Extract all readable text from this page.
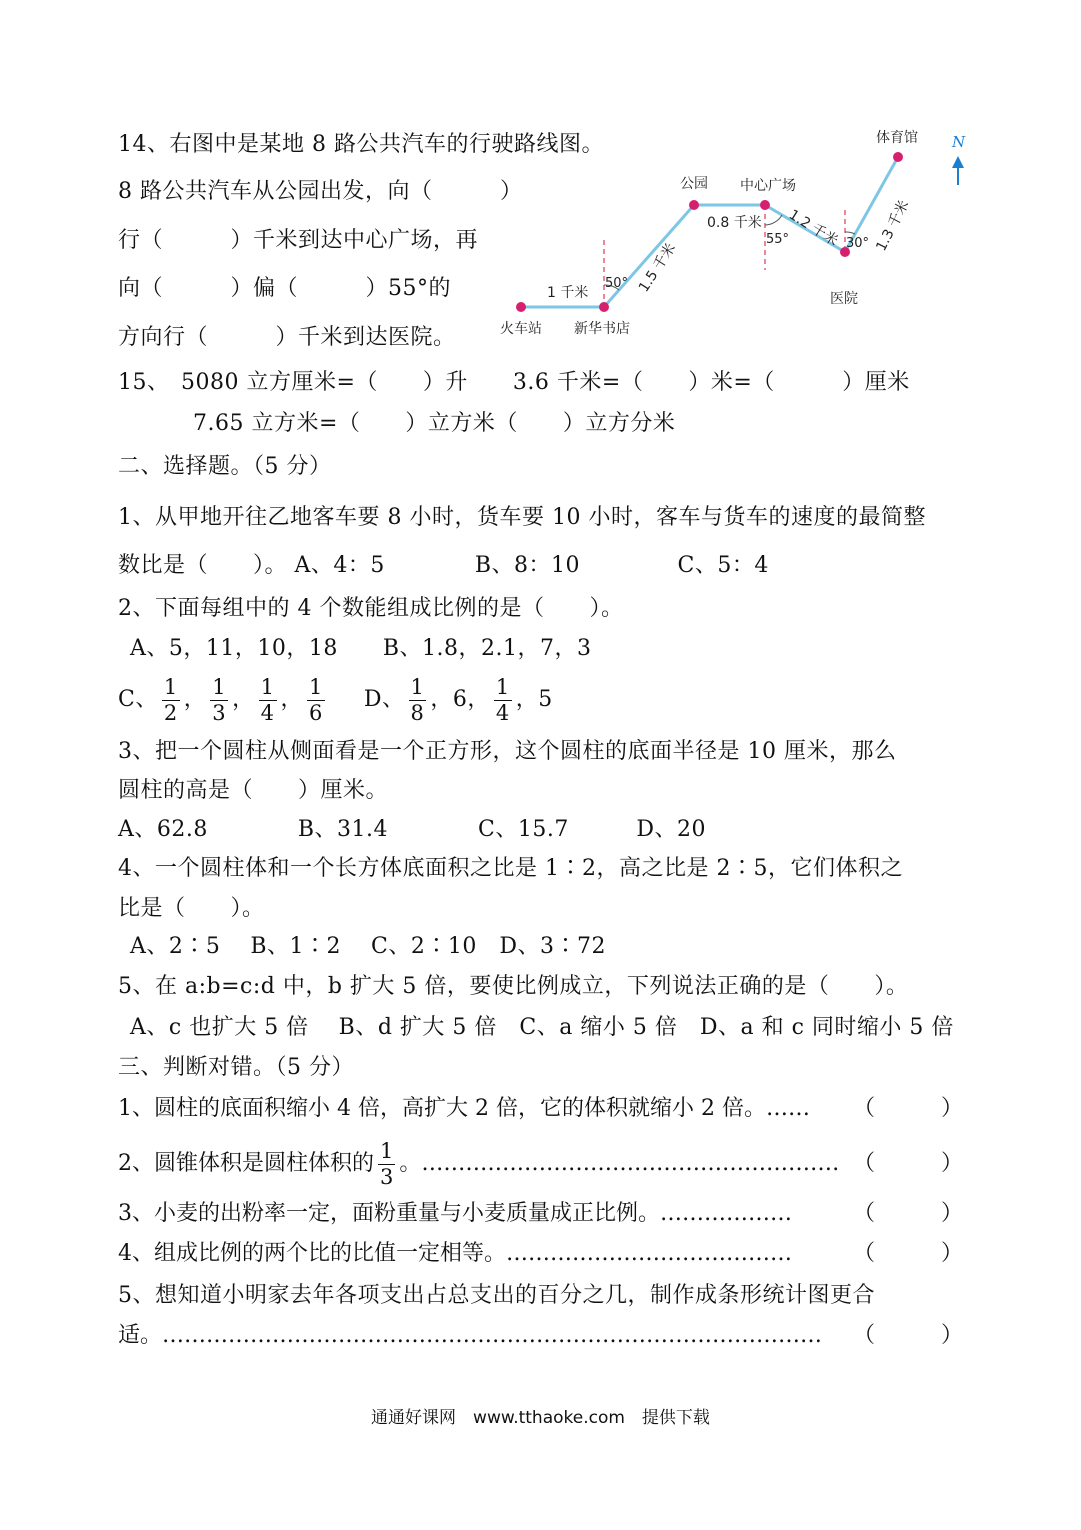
14、右图中是某地 8 路公共汽车的行驶路线图。
8 路公共汽车从公园出发，向（　　　）
行（　　　）千米到达中心广场，再
向（　　　）偏（　　　）55°的
方向行（　　　）千米到达医院。	火车站 新华书店
公园 中心广场
医院
体育馆
1 千米
0.8 千米
1.5 千米
1.2 千米 1.3 千米
50°
55°	30°
N
15、　5080 立方厘米=（　　）升　　3.6 千米=（　　）米=（　　　）厘米
7.65 立方米=（　　）立方米（　　）立方分米
二、选择题。（5 分）
1、从甲地开往乙地客车要 8 小时，货车要 10 小时，客车与货车的速度的最简整
数比是（　　）。 A、4：5　　　　B、8：10　　　　 C、5：4
2、下面每组中的 4 个数能组成比例的是（　　）。
A、5，11，10，18　　B、1.8，2.1，7，3
C、 $\frac{1}{2}$ ， $\frac{1}{3}$ ， $\frac{1}{4}$ ， $\frac{1}{6}$ D、 $\frac{1}{8}$ ，6， $\frac{1}{4}$ ，5
3、把一个圆柱从侧面看是一个正方形，这个圆柱的底面半径是 10 厘米，那么
圆柱的高是（　　）厘米。
A、62.8　　　　B、31.4　　　　C、15.7　　　D、20
4、一个圆柱体和一个长方体底面积之比是 1∶2，高之比是 2∶5，它们体积之
比是（　　）。
A、2∶5　 B、1∶2　 C、2∶10　D、3∶72
5、在 a:b=c:d 中，b 扩大 5 倍，要使比例成立，下列说法正确的是（　　）。
A、c 也扩大 5 倍　 B、d 扩大 5 倍　C、a 缩小 5 倍　D、a 和 c 同时缩小 5 倍
三、判断对错。（5 分）
1、圆柱的底面积缩小 4 倍，高扩大 2 倍，它的体积就缩小 2 倍。…… （　　　）
2、圆锥体积是圆柱体积的 $\frac{1}{3}$ 。………………………………………………… （　　　）
3、小麦的出粉率一定，面粉重量与小麦质量成正比例。………………	（　　　）
4、组成比例的两个比的比值一定相等。…………………………………	（　　　）
5、想知道小明家去年各项支出占总支出的百分之几，制作成条形统计图更合
适。……………………………………………………………………………… （　　　）
通通好课网　www.tthaoke.com　提供下载
